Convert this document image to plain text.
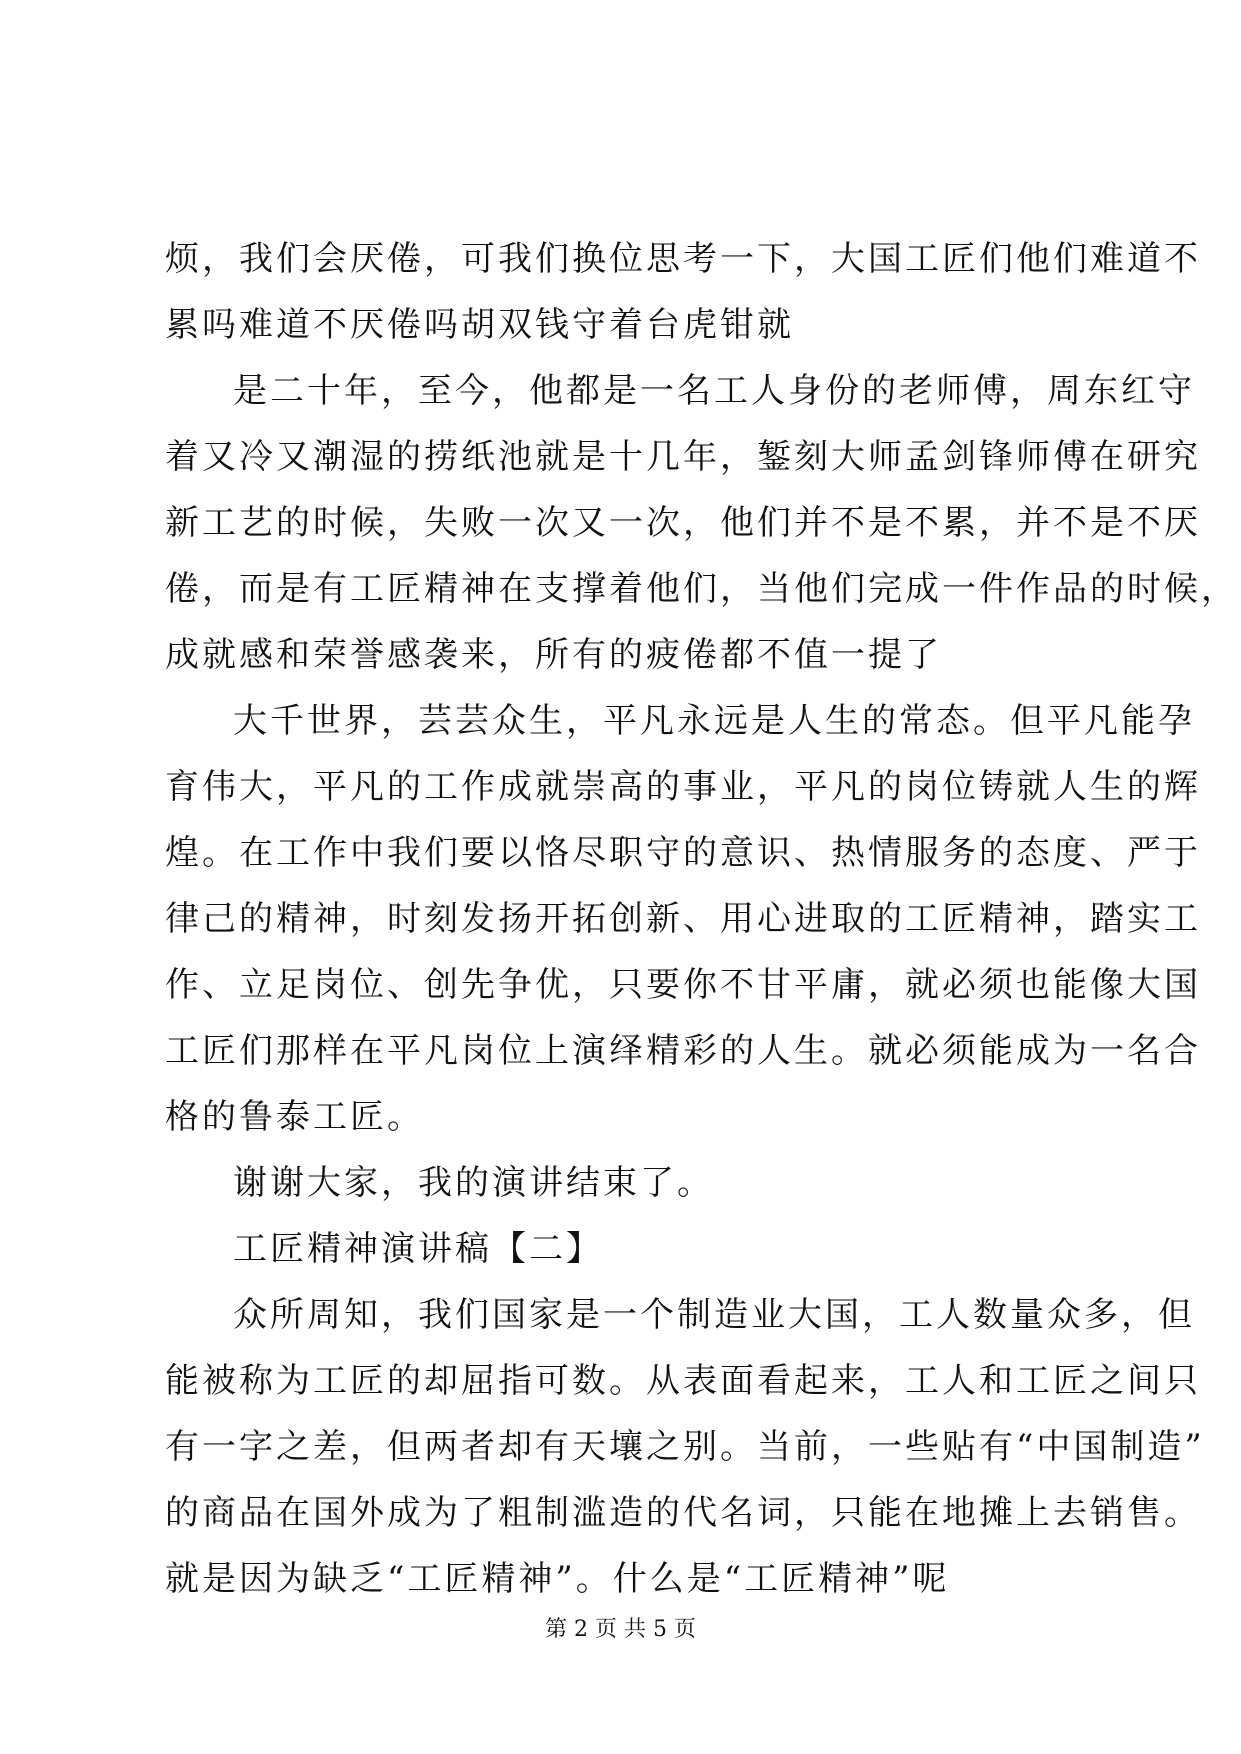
烦，我们会厌倦，可我们换位思考一下，大国工匠们他们难道不
累吗难道不厌倦吗胡双钱守着台虎钳就
是二十年，至今，他都是一名工人身份的老师傅，周东红守
着又冷又潮湿的捞纸池就是十几年，錾刻大师孟剑锋师傅在研究
新工艺的时候，失败一次又一次，他们并不是不累，并不是不厌
倦，而是有工匠精神在支撑着他们，当他们完成一件作品的时候，
成就感和荣誉感袭来，所有的疲倦都不值一提了
大千世界，芸芸众生，平凡永远是人生的常态。但平凡能孕
育伟大，平凡的工作成就崇高的事业，平凡的岗位铸就人生的辉
煌。在工作中我们要以恪尽职守的意识、热情服务的态度、严于
律己的精神，时刻发扬开拓创新、用心进取的工匠精神，踏实工
作、立足岗位、创先争优，只要你不甘平庸，就必须也能像大国
工匠们那样在平凡岗位上演绎精彩的人生。就必须能成为一名合
格的鲁泰工匠。
谢谢大家，我的演讲结束了。
工匠精神演讲稿【二】
众所周知，我们国家是一个制造业大国，工人数量众多，但
能被称为工匠的却屈指可数。从表面看起来，工人和工匠之间只
有一字之差，但两者却有天壤之别。当前，一些贴有“中国制造”
的商品在国外成为了粗制滥造的代名词，只能在地摊上去销售。
就是因为缺乏“工匠精神”。什么是“工匠精神”呢
第 2 页 共 5 页
